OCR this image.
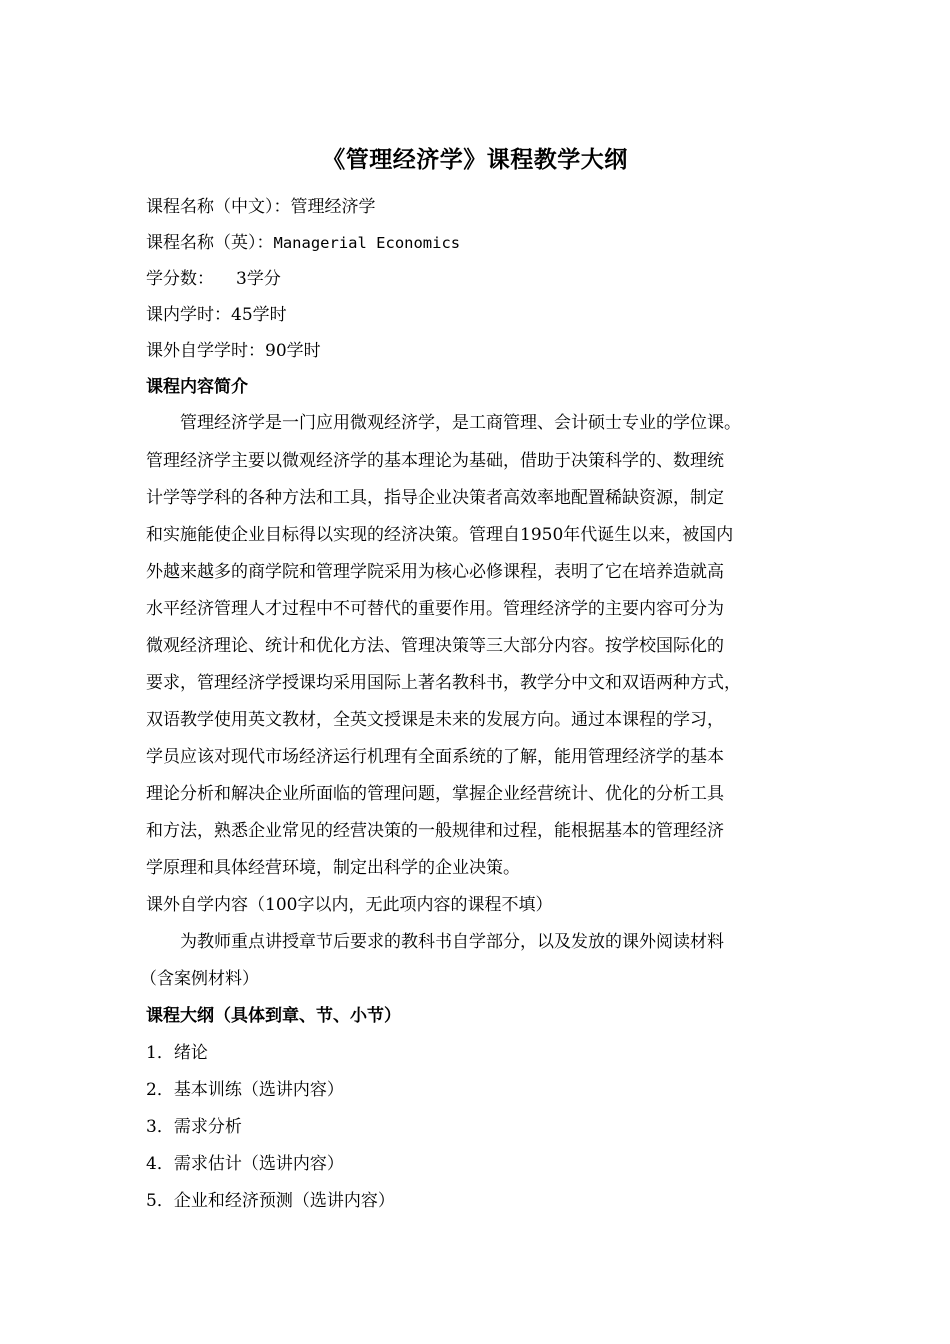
《管理经济学》课程教学大纲
课程名称（中文）：管理经济学
课程名称（英）：Managerial Economics
学分数： 3学分
课内学时：45学时
课外自学学时：90学时
课程内容简介
管理经济学是一门应用微观经济学，是工商管理、会计硕士专业的学位课。
管理经济学主要以微观经济学的基本理论为基础，借助于决策科学的、数理统
计学等学科的各种方法和工具，指导企业决策者高效率地配置稀缺资源，制定
和实施能使企业目标得以实现的经济决策。管理自1950年代诞生以来，被国内
外越来越多的商学院和管理学院采用为核心必修课程，表明了它在培养造就高
水平经济管理人才过程中不可替代的重要作用。管理经济学的主要内容可分为
微观经济理论、统计和优化方法、管理决策等三大部分内容。按学校国际化的
要求，管理经济学授课均采用国际上著名教科书，教学分中文和双语两种方式，
双语教学使用英文教材，全英文授课是未来的发展方向。通过本课程的学习，
学员应该对现代市场经济运行机理有全面系统的了解，能用管理经济学的基本
理论分析和解决企业所面临的管理问题，掌握企业经营统计、优化的分析工具
和方法，熟悉企业常见的经营决策的一般规律和过程，能根据基本的管理经济
学原理和具体经营环境，制定出科学的企业决策。
课外自学内容（100字以内，无此项内容的课程不填）
为教师重点讲授章节后要求的教科书自学部分，以及发放的课外阅读材料
（含案例材料）
课程大纲（具体到章、节、小节）
1．绪论
2．基本训练（选讲内容）
3．需求分析
4．需求估计（选讲内容）
5．企业和经济预测（选讲内容）
